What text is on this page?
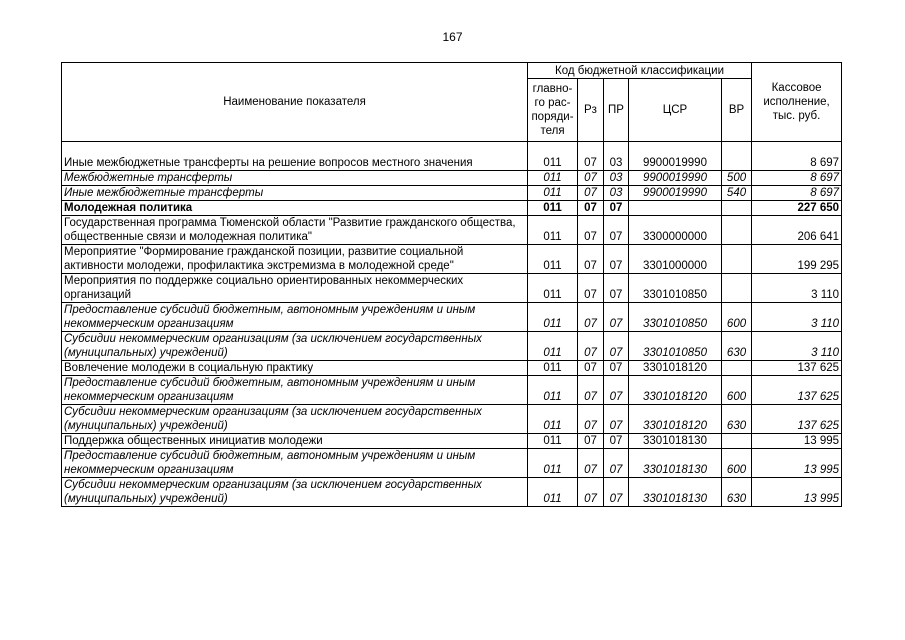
167
Наименование показателя	Код бюджетной классификации					Кассовое исполнение, тыс. руб.
	главно-го рас-поряди-теля	Рз	ПР	ЦСР	ВР	
Иные межбюджетные трансферты на решение вопросов местного значения	011	07	03	9900019990		8 697
Межбюджетные трансферты	011	07	03	9900019990	500	8 697
Иные межбюджетные трансферты	011	07	03	9900019990	540	8 697
Молодежная политика	011	07	07			227 650
Государственная программа Тюменской области "Развитие гражданского общества, общественные связи и молодежная политика"	011	07	07	3300000000		206 641
Мероприятие "Формирование гражданской позиции, развитие социальной активности молодежи, профилактика экстремизма в молодежной среде"	011	07	07	3301000000		199 295
Мероприятия по поддержке социально ориентированных некоммерческих организаций	011	07	07	3301010850		3 110
Предоставление субсидий бюджетным, автономным учреждениям и иным некоммерческим организациям	011	07	07	3301010850	600	3 110
Субсидии некоммерческим организациям (за исключением государственных (муниципальных) учреждений)	011	07	07	3301010850	630	3 110
Вовлечение молодежи в социальную практику	011	07	07	3301018120		137 625
Предоставление субсидий бюджетным, автономным учреждениям и иным некоммерческим организациям	011	07	07	3301018120	600	137 625
Субсидии некоммерческим организациям (за исключением государственных (муниципальных) учреждений)	011	07	07	3301018120	630	137 625
Поддержка общественных инициатив молодежи	011	07	07	3301018130		13 995
Предоставление субсидий бюджетным, автономным учреждениям и иным некоммерческим организациям	011	07	07	3301018130	600	13 995
Субсидии некоммерческим организациям (за исключением государственных (муниципальных) учреждений)	011	07	07	3301018130	630	13 995
